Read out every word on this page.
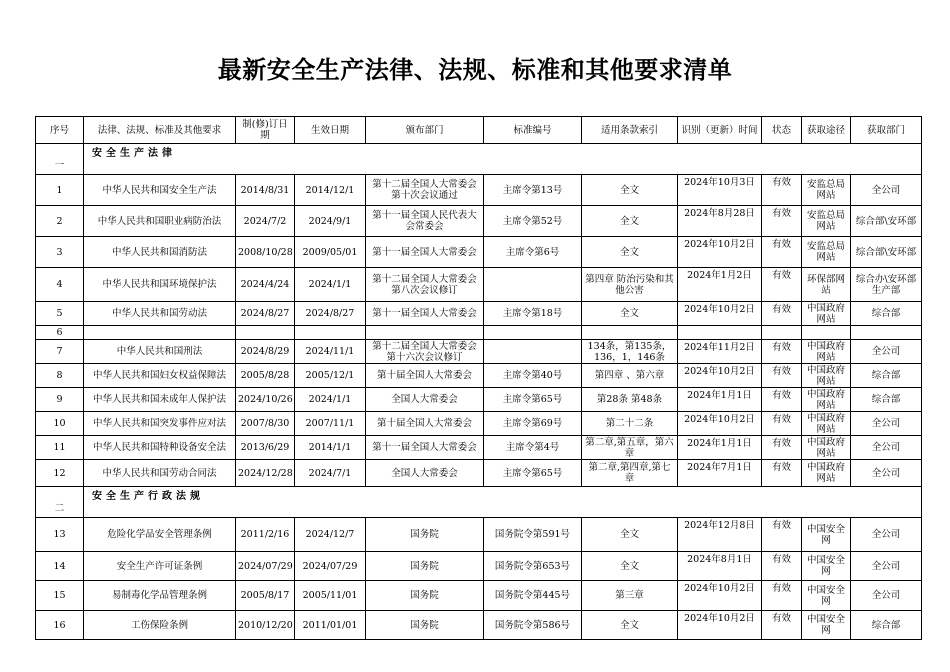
最新安全生产法律、法规、标准和其他要求清单
序号	法律、法规、标准及其他要求	制(修)订日期	生效日期	颁布部门	标准编号	适用条款索引	识别（更新）时间	状态	获取途径	获取部门
一	安全生产法律									
1	中华人民共和国安全生产法	2014/8/31	2014/12/1	第十二届全国人大常委会第十次会议通过	主席令第13号	全文	2024年10月3日	有效	安监总局网站	全公司
2	中华人民共和国职业病防治法	2024/7/2	2024/9/1	第十一届全国人民代表大会常委会	主席令第52号	全文	2024年8月28日	有效	安监总局网站	综合部\安环部
3	中华人民共和国消防法	2008/10/28	2009/05/01	第十一届全国人大常委会	主席令第6号	全文	2024年10月2日	有效	安监总局网站	综合部\安环部
4	中华人民共和国环境保护法	2024/4/24	2024/1/1	第十二届全国人大常委会第八次会议修订		第四章 防治污染和其他公害	2024年1月2日	有效	环保部网站	综合办\安环部生产部
5	中华人民共和国劳动法	2024/8/27	2024/8/27	第十一届全国人大常委会	主席令第18号	全文	2024年10月2日	有效	中国政府网站	综合部
6										
7	中华人民共和国刑法	2024/8/29	2024/11/1	第十二届全国人大常委会第十六次会议修订		134条，第135条，136，1，146条	2024年11月2日	有效	中国政府网站	全公司
8	中华人民共和国妇女权益保障法	2005/8/28	2005/12/1	第十届全国人大常委会	主席令第40号	第四章 、第六章	2024年10月2日	有效	中国政府网站	综合部
9	中华人民共和国未成年人保护法	2024/10/26	2024/1/1	全国人大常委会	主席令第65号	第28条 第48条	2024年1月1日	有效	中国政府网站	综合部
10	中华人民共和国突发事件应对法	2007/8/30	2007/11/1	第十届全国人大常委会	主席令第69号	第二十二条	2024年10月2日	有效	中国政府网站	全公司
11	中华人民共和国特种设备安全法	2013/6/29	2014/1/1	第十一届全国人大常委会	主席令第4号	第二章,第五章，第六章	2024年1月1日	有效	中国政府网站	全公司
12	中华人民共和国劳动合同法	2024/12/28	2024/7/1	全国人大常委会	主席令第65号	第二章,第四章,第七章	2024年7月1日	有效	中国政府网站	全公司
二	安全生产行政法规									
13	危险化学品安全管理条例	2011/2/16	2024/12/7	国务院	国务院令第591号	全文	2024年12月8日	有效	中国安全网	全公司
14	安全生产许可证条例	2024/07/29	2024/07/29	国务院	国务院令第653号	全文	2024年8月1日	有效	中国安全网	全公司
15	易制毒化学品管理条例	2005/8/17	2005/11/01	国务院	国务院令第445号	第三章	2024年10月2日	有效	中国安全网	全公司
16	工伤保险条例	2010/12/20	2011/01/01	国务院	国务院令第586号	全文	2024年10月2日	有效	中国安全网	综合部
